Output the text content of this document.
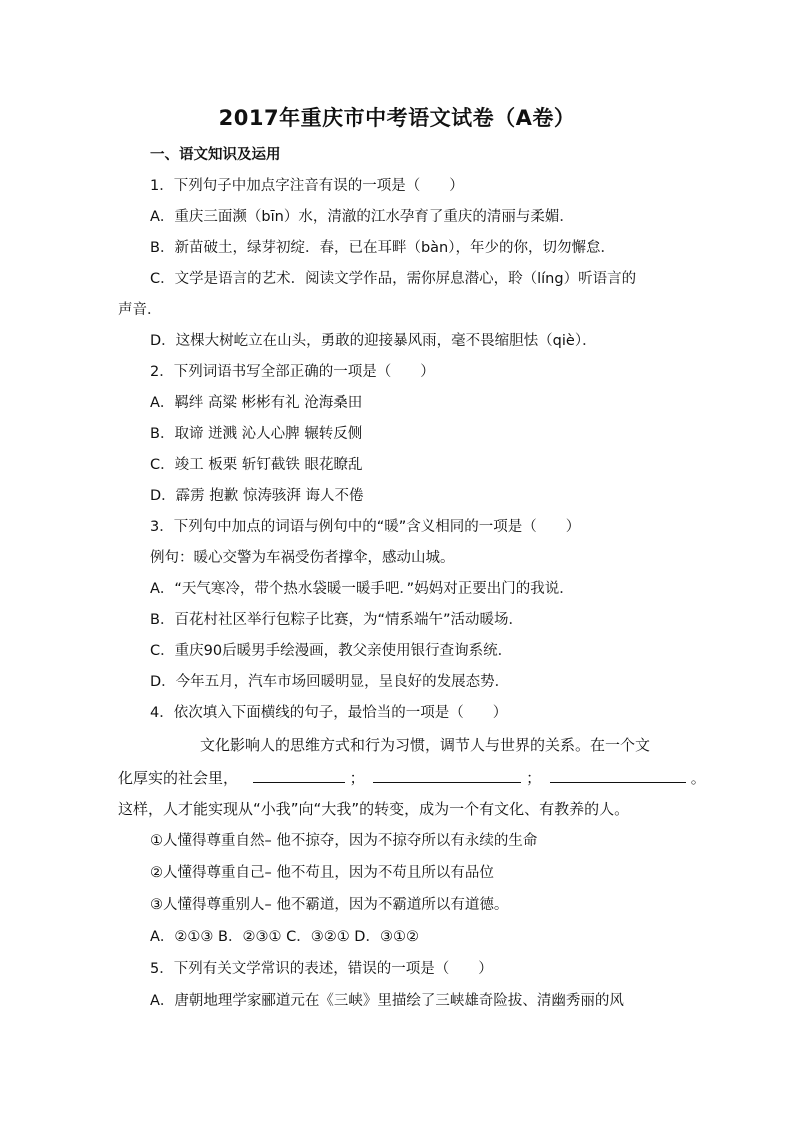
2017年重庆市中考语文试卷（A卷）
一、语文知识及运用
1．下列句子中加点字注音有误的一项是（　　）
A．重庆三面濒（bīn）水，清澈的江水孕育了重庆的清丽与柔媚．
B．新苗破土，绿芽初绽．春，已在耳畔（bàn），年少的你，切勿懈怠．
C．文学是语言的艺术．阅读文学作品，需你屏息潜心，聆（líng）听语言的
声音．
D．这棵大树屹立在山头，勇敢的迎接暴风雨，毫不畏缩胆怯（qiè）．
2．下列词语书写全部正确的一项是（　　）
A．羁绊 高粱 彬彬有礼 沧海桑田
B．取谛 迸溅 沁人心脾 辗转反侧
C．竣工 板栗 斩钉截铁 眼花瞭乱
D．霹雳 抱歉 惊涛骇湃 诲人不倦
3．下列句中加点的词语与例句中的“暖”含义相同的一项是（　　）
例句：暖心交警为车祸受伤者撑伞，感动山城。
A．“天气寒冷，带个热水袋暖一暖手吧．”妈妈对正要出门的我说．
B．百花村社区举行包粽子比赛，为“情系端午”活动暖场．
C．重庆90后暖男手绘漫画，教父亲使用银行查询系统．
D．今年五月，汽车市场回暖明显，呈良好的发展态势．
4．依次填入下面横线的句子，最恰当的一项是（　　）
文化影响人的思维方式和行为习惯，调节人与世界的关系。在一个文
化厚实的社会里，	；	；	。
这样，人才能实现从“小我”向“大我”的转变，成为一个有文化、有教养的人。
①人懂得尊重自然– 他不掠夺，因为不掠夺所以有永续的生命
②人懂得尊重自己– 他不苟且，因为不苟且所以有品位
③人懂得尊重别人– 他不霸道，因为不霸道所以有道德。
A．②①③ B．②③① C．③②① D．③①②
5．下列有关文学常识的表述，错误的一项是（　　）
A．唐朝地理学家郦道元在《三峡》里描绘了三峡雄奇险拔、清幽秀丽的风
